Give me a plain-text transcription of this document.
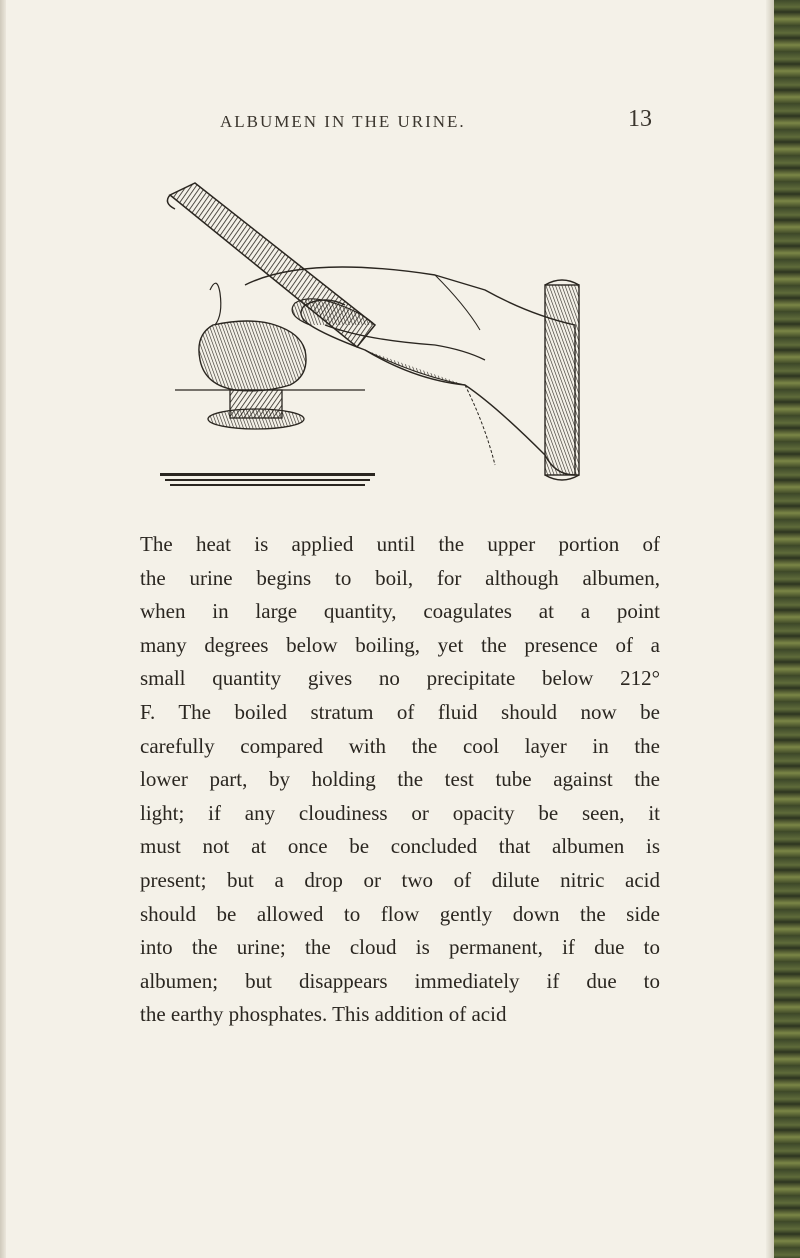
ALBUMEN IN THE URINE.	13
The heat is applied until the upper portion of
the urine begins to boil, for although albumen,
when in large quantity, coagulates at a point
many degrees below boiling, yet the presence of a
small quantity gives no precipitate below 212°
F. The boiled stratum of fluid should now be
carefully compared with the cool layer in the
lower part, by holding the test tube against the
light; if any cloudiness or opacity be seen, it
must not at once be concluded that albumen is
present; but a drop or two of dilute nitric acid
should be allowed to flow gently down the side
into the urine; the cloud is permanent, if due to
albumen; but disappears immediately if due to
the earthy phosphates. This addition of acid
